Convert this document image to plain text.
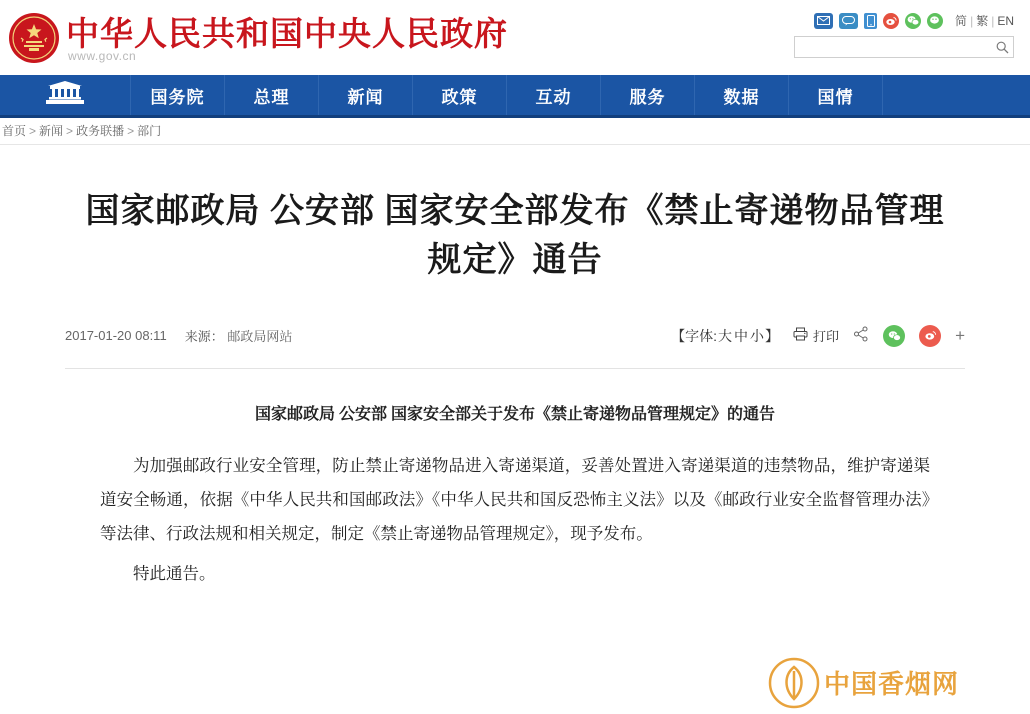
中华人民共和国中央人民政府
www.gov.cn
简 | 繁 | EN
国务院	总理	新闻	政策	互动	服务	数据	国情
首页 > 新闻 > 政务联播 > 部门
国家邮政局 公安部 国家安全部发布《禁止寄递物品管理规定》通告
2017-01-20 08:11 来源： 邮政局网站	【字体:大 中 小】	打印	+
国家邮政局 公安部 国家安全部关于发布《禁止寄递物品管理规定》的通告

为加强邮政行业安全管理，防止禁止寄递物品进入寄递渠道，妥善处置进入寄递渠道的违禁物品，维护寄递渠道安全畅通，依据《中华人民共和国邮政法》《中华人民共和国反恐怖主义法》以及《邮政行业安全监督管理办法》等法律、行政法规和相关规定，制定《禁止寄递物品管理规定》，现予发布。

特此通告。

中国香烟网
